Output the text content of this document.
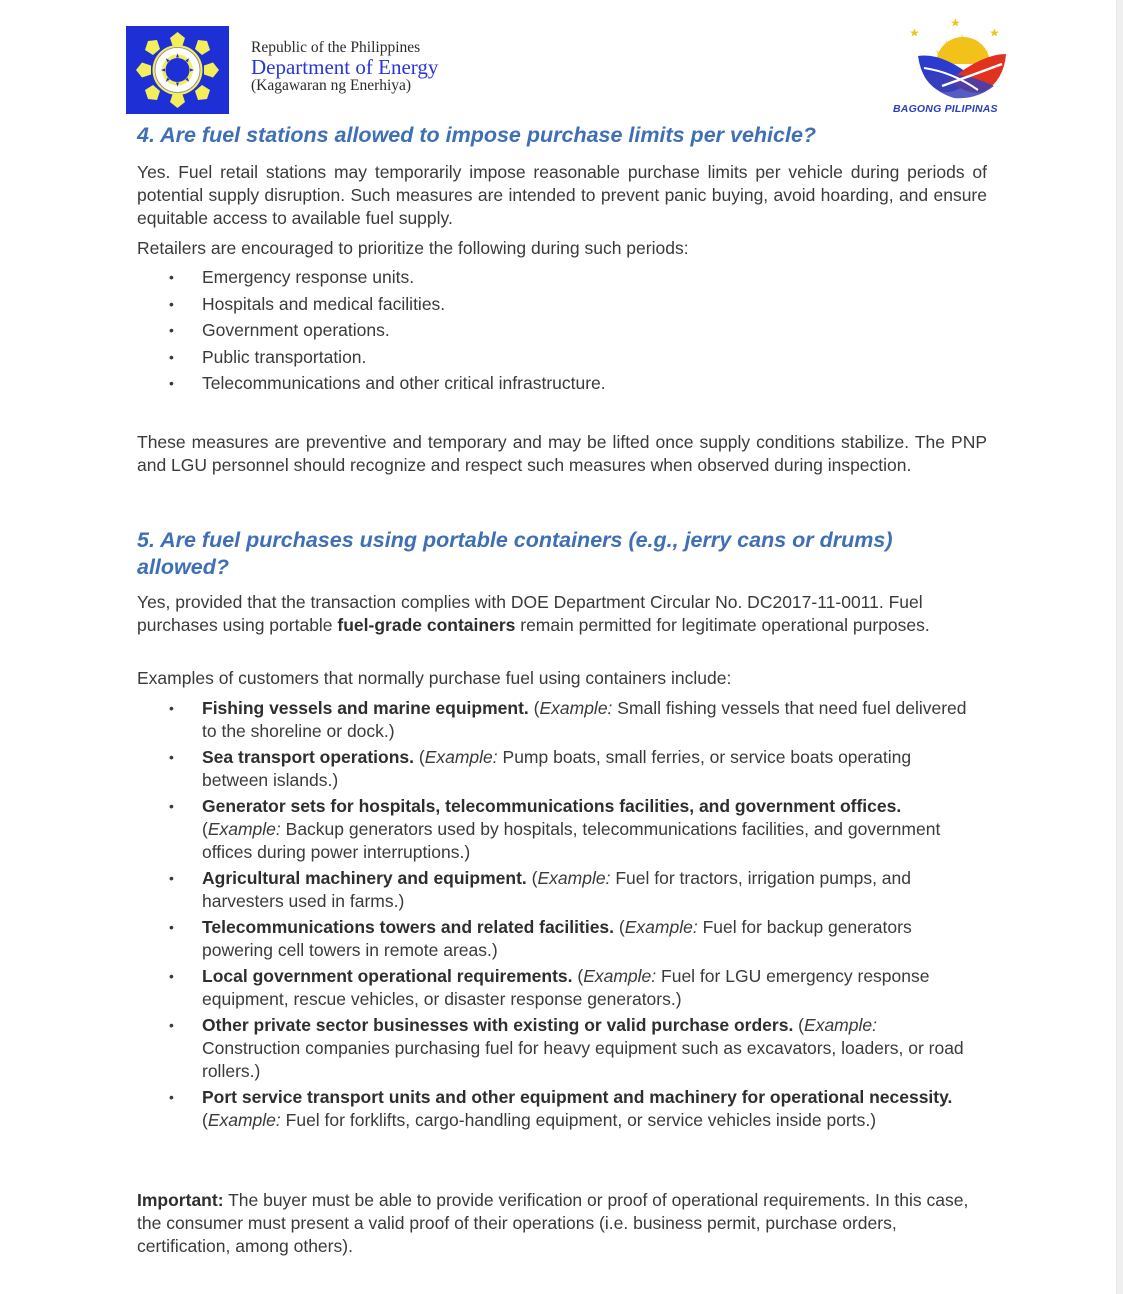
Republic of the Philippines
Department of Energy
(Kagawaran ng Enerhiya)
BAGONG PILIPINAS
4. Are fuel stations allowed to impose purchase limits per vehicle?

Yes. Fuel retail stations may temporarily impose reasonable purchase limits per vehicle during periods of potential supply disruption. Such measures are intended to prevent panic buying, avoid hoarding, and ensure equitable access to available fuel supply.

Retailers are encouraged to prioritize the following during such periods:

• Emergency response units.
• Hospitals and medical facilities.
• Government operations.
• Public transportation.
• Telecommunications and other critical infrastructure.

These measures are preventive and temporary and may be lifted once supply conditions stabilize. The PNP and LGU personnel should recognize and respect such measures when observed during inspection.

5. Are fuel purchases using portable containers (e.g., jerry cans or drums) allowed?

Yes, provided that the transaction complies with DOE Department Circular No. DC2017-11-0011. Fuel purchases using portable fuel-grade containers remain permitted for legitimate operational purposes.

Examples of customers that normally purchase fuel using containers include:

• Fishing vessels and marine equipment. (Example: Small fishing vessels that need fuel delivered to the shoreline or dock.)
• Sea transport operations. (Example: Pump boats, small ferries, or service boats operating between islands.)
• Generator sets for hospitals, telecommunications facilities, and government offices. (Example: Backup generators used by hospitals, telecommunications facilities, and government offices during power interruptions.)
• Agricultural machinery and equipment. (Example: Fuel for tractors, irrigation pumps, and harvesters used in farms.)
• Telecommunications towers and related facilities. (Example: Fuel for backup generators powering cell towers in remote areas.)
• Local government operational requirements. (Example: Fuel for LGU emergency response equipment, rescue vehicles, or disaster response generators.)
• Other private sector businesses with existing or valid purchase orders. (Example: Construction companies purchasing fuel for heavy equipment such as excavators, loaders, or road rollers.)
• Port service transport units and other equipment and machinery for operational necessity. (Example: Fuel for forklifts, cargo-handling equipment, or service vehicles inside ports.)

Important: The buyer must be able to provide verification or proof of operational requirements. In this case, the consumer must present a valid proof of their operations (i.e. business permit, purchase orders, certification, among others).
